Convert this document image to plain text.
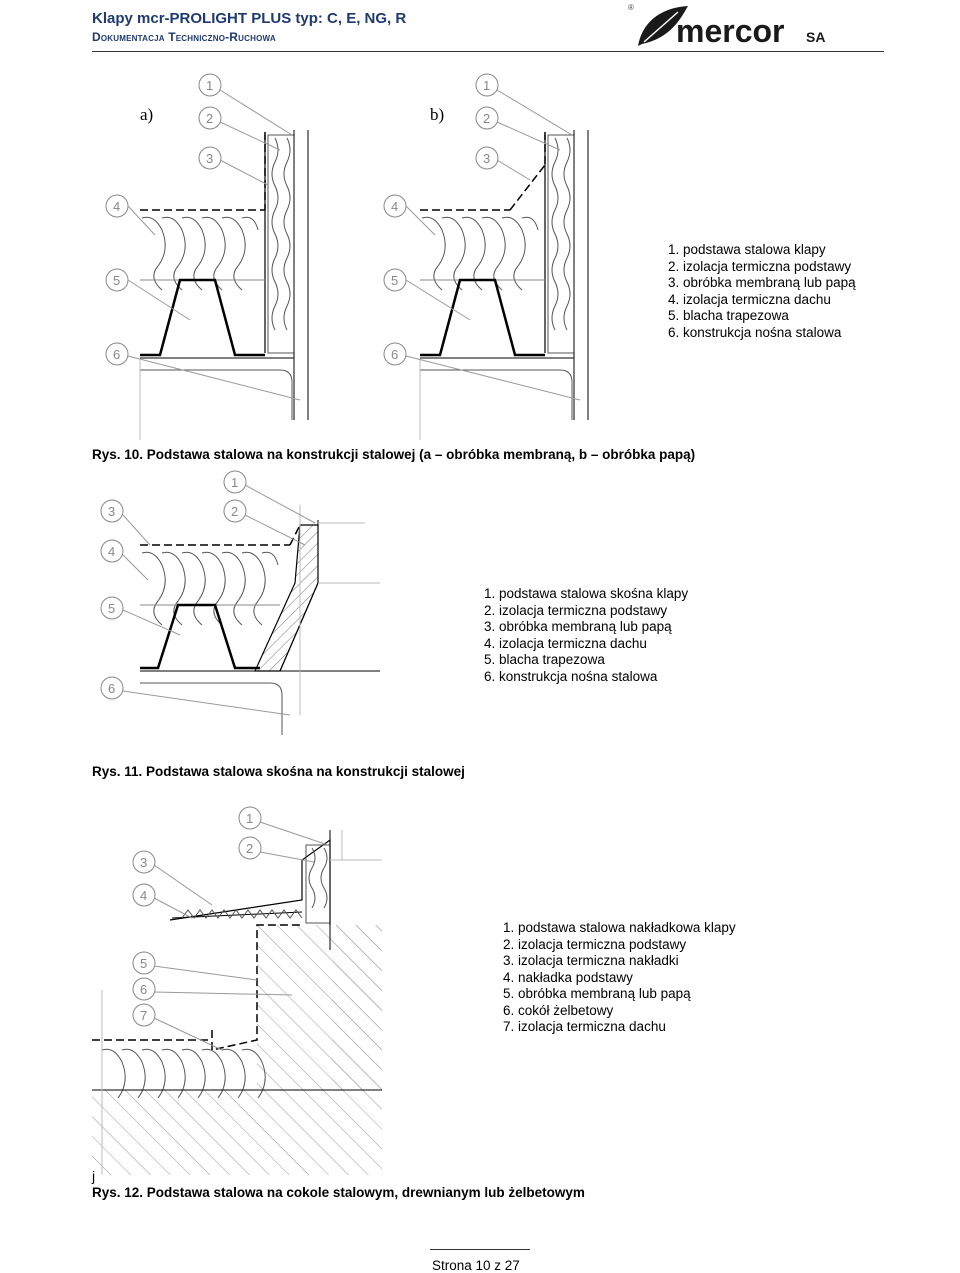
Klapy mcr-PROLIGHT PLUS typ: C, E, NG, R
Dokumentacja Techniczno-Ruchowa
®
mercor SA
a)	b)
1
2
3
4
5
6
1
2
3
4
5
6
1. podstawa stalowa klapy
2. izolacja termiczna podstawy
3. obróbka membraną lub papą
4. izolacja termiczna dachu
5. blacha trapezowa
6. konstrukcja nośna stalowa
Rys. 10. Podstawa stalowa na konstrukcji stalowej (a – obróbka membraną, b – obróbka papą)
1
2
3
4
5
6
1. podstawa stalowa skośna klapy
2. izolacja termiczna podstawy
3. obróbka membraną lub papą
4. izolacja termiczna dachu
5. blacha trapezowa
6. konstrukcja nośna stalowa
Rys. 11. Podstawa stalowa skośna na konstrukcji stalowej
1
2
3
4
5
6
7
1. podstawa stalowa nakładkowa klapy
2. izolacja termiczna podstawy
3. izolacja termiczna nakładki
4. nakładka podstawy
5. obróbka membraną lub papą
6. cokół żelbetowy
7. izolacja termiczna dachu
j
Rys. 12. Podstawa stalowa na cokole stalowym, drewnianym lub żelbetowym
Strona 10 z 27
